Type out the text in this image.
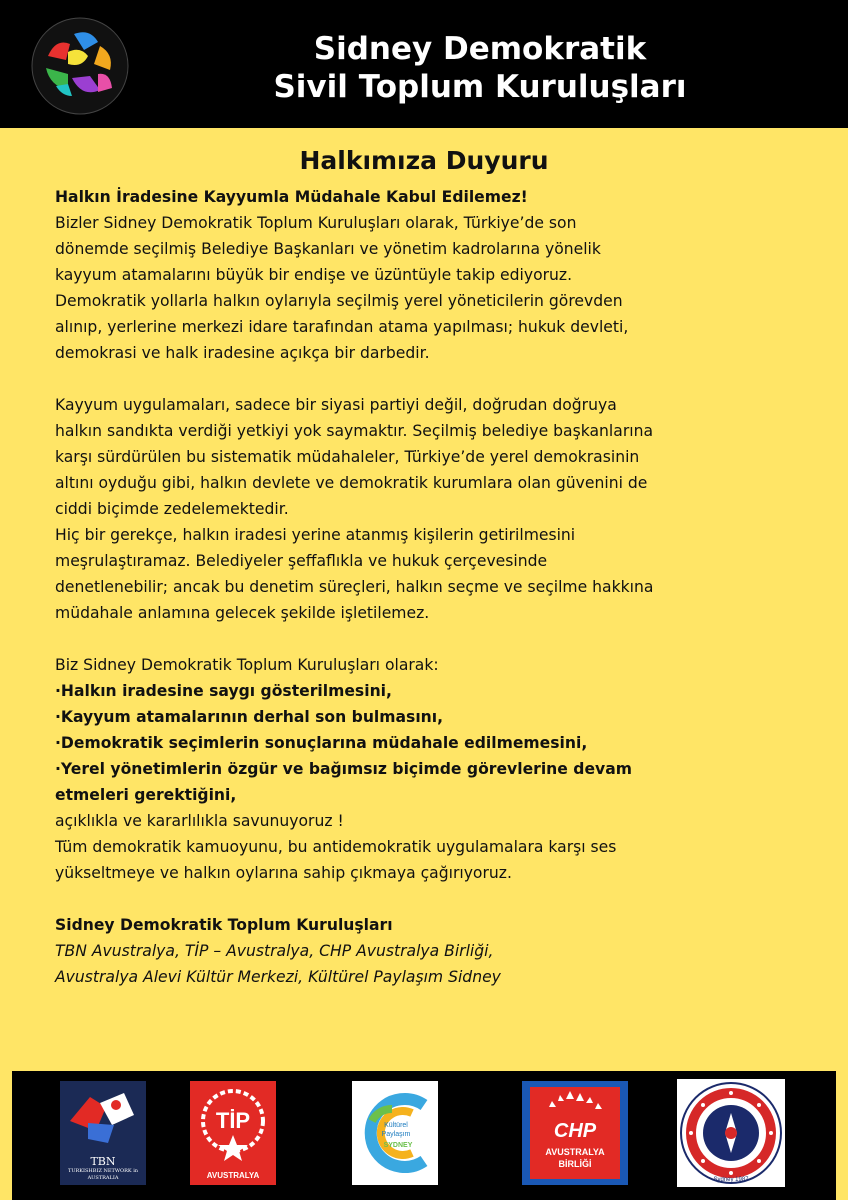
Sidney Demokratik
Sivil Toplum Kuruluşları
Halkımıza Duyuru

Halkın İradesine Kayyumla Müdahale Kabul Edilemez!

Bizler Sidney Demokratik Toplum Kuruluşları olarak, Türkiye’de son
dönemde seçilmiş Belediye Başkanları ve yönetim kadrolarına yönelik
kayyum atamalarını büyük bir endişe ve üzüntüyle takip ediyoruz.
Demokratik yollarla halkın oylarıyla seçilmiş yerel yöneticilerin görevden
alınıp, yerlerine merkezi idare tarafından atama yapılması; hukuk devleti,
demokrasi ve halk iradesine açıkça bir darbedir.

Kayyum uygulamaları, sadece bir siyasi partiyi değil, doğrudan doğruya
halkın sandıkta verdiği yetkiyi yok saymaktır. Seçilmiş belediye başkanlarına
karşı sürdürülen bu sistematik müdahaleler, Türkiye’de yerel demokrasinin
altını oyduğu gibi, halkın devlete ve demokratik kurumlara olan güvenini de
ciddi biçimde zedelemektedir.

Hiç bir gerekçe, halkın iradesi yerine atanmış kişilerin getirilmesini
meşrulaştıramaz. Belediyeler şeffaflıkla ve hukuk çerçevesinde
denetlenebilir; ancak bu denetim süreçleri, halkın seçme ve seçilme hakkına
müdahale anlamına gelecek şekilde işletilemez.

Biz Sidney Demokratik Toplum Kuruluşları olarak:

·Halkın iradesine saygı gösterilmesini,

·Kayyum atamalarının derhal son bulmasını,

·Demokratik seçimlerin sonuçlarına müdahale edilmemesini,

·Yerel yönetimlerin özgür ve bağımsız biçimde görevlerine devam
etmeleri gerektiğini,

açıklıkla ve kararlılıkla savunuyoruz !
Tüm demokratik kamuoyunu, bu antidemokratik uygulamalara karşı ses
yükseltmeye ve halkın oylarına sahip çıkmaya çağırıyoruz.

Sidney Demokratik Toplum Kuruluşları

TBN Avustralya, TİP – Avustralya, CHP Avustralya Birliği,
Avustralya Alevi Kültür Merkezi, Kültürel Paylaşım Sidney

TBN
TURKISHBIZ NETWORK in AUSTRALIA
TİP
AVUSTRALYA
Kültürel
Paylaşım
SYDNEY
CHP
AVUSTRALYA
BİRLİĞİ
Sydney 1987
